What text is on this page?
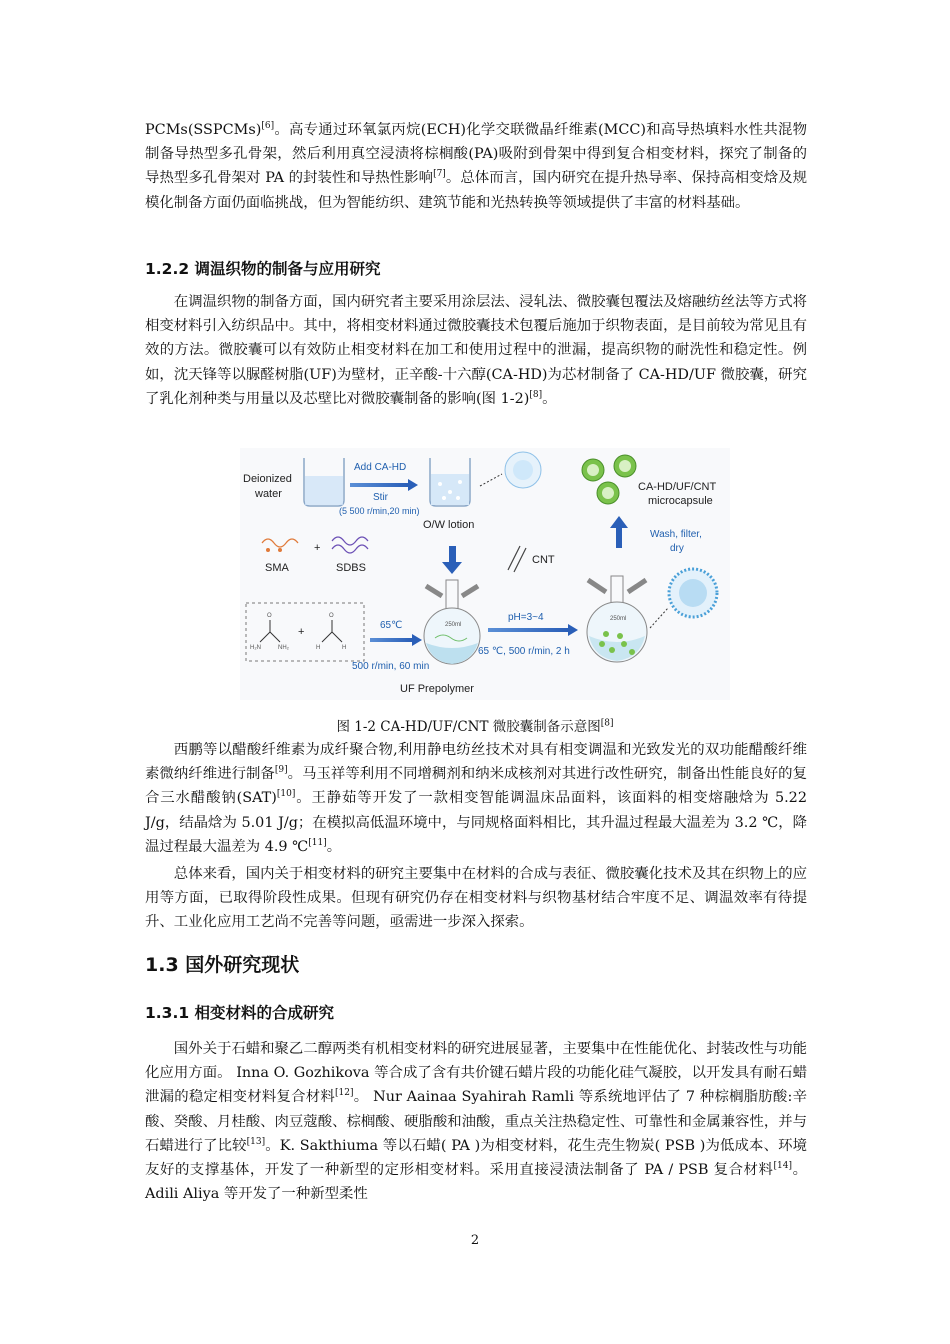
PCMs(SSPCMs)[6]。高专通过环氧氯丙烷(ECH)化学交联微晶纤维素(MCC)和高导热填料水性共混物制备导热型多孔骨架，然后利用真空浸渍将棕榈酸(PA)吸附到骨架中得到复合相变材料，探究了制备的导热型多孔骨架对 PA 的封装性和导热性影响[7]。总体而言，国内研究在提升热导率、保持高相变焓及规模化制备方面仍面临挑战，但为智能纺织、建筑节能和光热转换等领域提供了丰富的材料基础。

1.2.2 调温织物的制备与应用研究

在调温织物的制备方面，国内研究者主要采用涂层法、浸轧法、微胶囊包覆法及熔融纺丝法等方式将相变材料引入纺织品中。其中，将相变材料通过微胶囊技术包覆后施加于织物表面，是目前较为常见且有效的方法。微胶囊可以有效防止相变材料在加工和使用过程中的泄漏，提高织物的耐洗性和稳定性。例如，沈天锋等以脲醛树脂(UF)为壁材，正辛酸-十六醇(CA-HD)为芯材制备了 CA-HD/UF 微胶囊，研究了乳化剂种类与用量以及芯壁比对微胶囊制备的影响(图 1-2)[8]。

Deionized
water
Add CA-HD
Stir
(5 500 r/min,20 min)
O/W lotion
CA-HD/UF/CNT
microcapsule
Wash, filter,
dry
+
SMA	SDBS
CNT
O
H₂N	NH₂
+
O
H	H
65℃
500 r/min, 60 min
250ml
UF Prepolymer
pH=3~4
65 ℃, 500 r/min, 2 h
250ml

图 1-2 CA-HD/UF/CNT 微胶囊制备示意图[8]

西鹏等以醋酸纤维素为成纤聚合物,利用静电纺丝技术对具有相变调温和光致发光的双功能醋酸纤维素微纳纤维进行制备[9]。马玉祥等利用不同增稠剂和纳米成核剂对其进行改性研究，制备出性能良好的复合三水醋酸钠(SAT)[10]。王静茹等开发了一款相变智能调温床品面料，该面料的相变熔融焓为 5.22 J/g，结晶焓为 5.01 J/g；在模拟高低温环境中，与同规格面料相比，其升温过程最大温差为 3.2 ℃，降温过程最大温差为 4.9 ℃[11]。

总体来看，国内关于相变材料的研究主要集中在材料的合成与表征、微胶囊化技术及其在织物上的应用等方面，已取得阶段性成果。但现有研究仍存在相变材料与织物基材结合牢度不足、调温效率有待提升、工业化应用工艺尚不完善等问题，亟需进一步深入探索。

1.3 国外研究现状
1.3.1 相变材料的合成研究

国外关于石蜡和聚乙二醇两类有机相变材料的研究进展显著，主要集中在性能优化、封装改性与功能化应用方面。 Inna O. Gozhikova 等合成了含有共价键石蜡片段的功能化硅气凝胶，以开发具有耐石蜡泄漏的稳定相变材料复合材料[12]。 Nur Aainaa Syahirah Ramli 等系统地评估了 7 种棕榈脂肪酸:辛酸、癸酸、月桂酸、肉豆蔻酸、棕榈酸、硬脂酸和油酸，重点关注热稳定性、可靠性和金属兼容性，并与石蜡进行了比较[13]。K. Sakthiuma 等以石蜡( PA )为相变材料，花生壳生物炭( PSB )为低成本、环境友好的支撑基体，开发了一种新型的定形相变材料。采用直接浸渍法制备了 PA / PSB 复合材料[14]。Adili Aliya 等开发了一种新型柔性

2
